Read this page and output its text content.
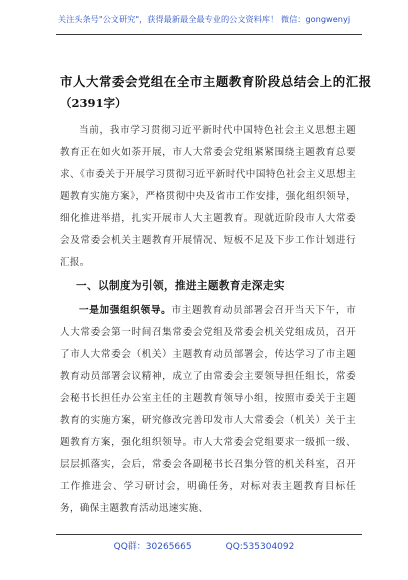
关注头条号"公文研究"，获得最新最全最专业的公文资料库！ 微信：gongwenyj
市人大常委会党组在全市主题教育阶段总结会上的汇报
（2391字）
当前，我市学习贯彻习近平新时代中国特色社会主义思想主题教育正在如火如荼开展，市人大常委会党组紧紧围绕主题教育总要求、《市委关于开展学习贯彻习近平新时代中国特色社会主义思想主题教育实施方案》，严格贯彻中央及省市工作安排，强化组织领导，细化推进举措，扎实开展市人大主题教育。现就近阶段市人大常委会及常委会机关主题教育开展情况、短板不足及下步工作计划进行汇报。
一、以制度为引领，推进主题教育走深走实
一是加强组织领导。市主题教育动员部署会召开当天下午，市人大常委会第一时间召集常委会党组及常委会机关党组成员，召开了市人大常委会（机关）主题教育动员部署会，传达学习了市主题教育动员部署会议精神，成立了由常委会主要领导担任组长，常委会秘书长担任办公室主任的主题教育领导小组，按照市委关于主题教育的实施方案，研究修改完善印发市人大常委会（机关）关于主题教育方案，强化组织领导。市人大常委会党组要求一级抓一级、层层抓落实，会后，常委会各副秘书长召集分管的机关科室，召开工作推进会、学习研讨会，明确任务，对标对表主题教育目标任务，确保主题教育活动迅速实施、
QQ群：30265665	QQ:535304092
